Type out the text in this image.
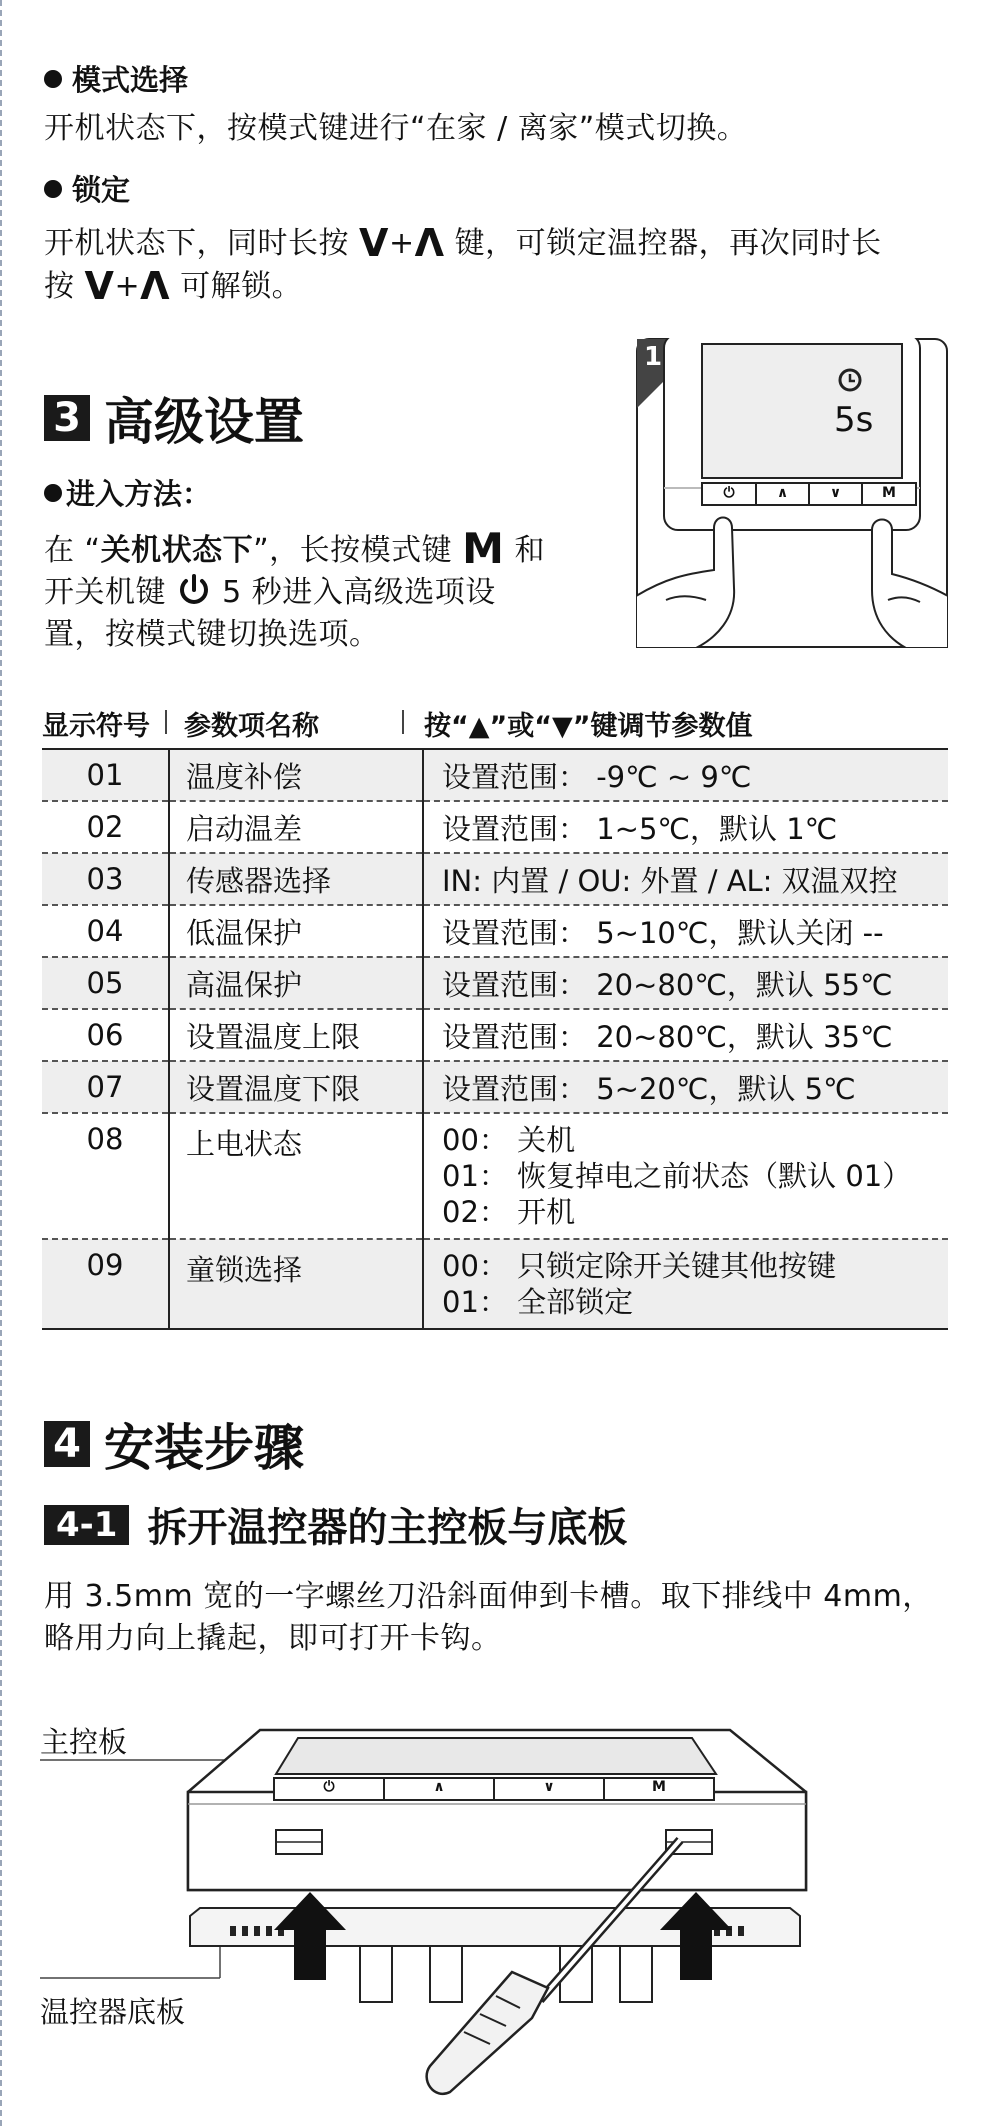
模式选择
开机状态下，按模式键进行“在家 / 离家”模式切换。
锁定
开机状态下，同时长按 V+Λ 键，可锁定温控器，再次同时长
按 V+Λ 可解锁。
3 高级设置
进入方法：
在 “关机状态下”，长按模式键 M 和
开关机键  5 秒进入高级选项设
置，按模式键切换选项。
1
5s
⏻	∧	∨	M
显示符号 参数项名称	按“▲”或“▼”键调节参数值
01	温度补偿	设置范围： -9℃ ~ 9℃

02	启动温差	设置范围： 1~5℃，默认 1℃

03	传感器选择	IN: 内置 / OU: 外置 / AL: 双温双控

04	低温保护	设置范围： 5~10℃，默认关闭 --

05	高温保护	设置范围： 20~80℃，默认 55℃

06	设置温度上限	设置范围： 20~80℃，默认 35℃

07	设置温度下限	设置范围： 5~20℃，默认 5℃

08	上电状态	00： 关机
01： 恢复掉电之前状态（默认 01）
02： 开机

09	童锁选择	00： 只锁定除开关键其他按键
01： 全部锁定
4 安装步骤
4-1 拆开温控器的主控板与底板
用 3.5mm 宽的一字螺丝刀沿斜面伸到卡槽。取下排线中 4mm，
略用力向上撬起，即可打开卡钩。
主控板
温控器底板
⏻	∧	∨	M
